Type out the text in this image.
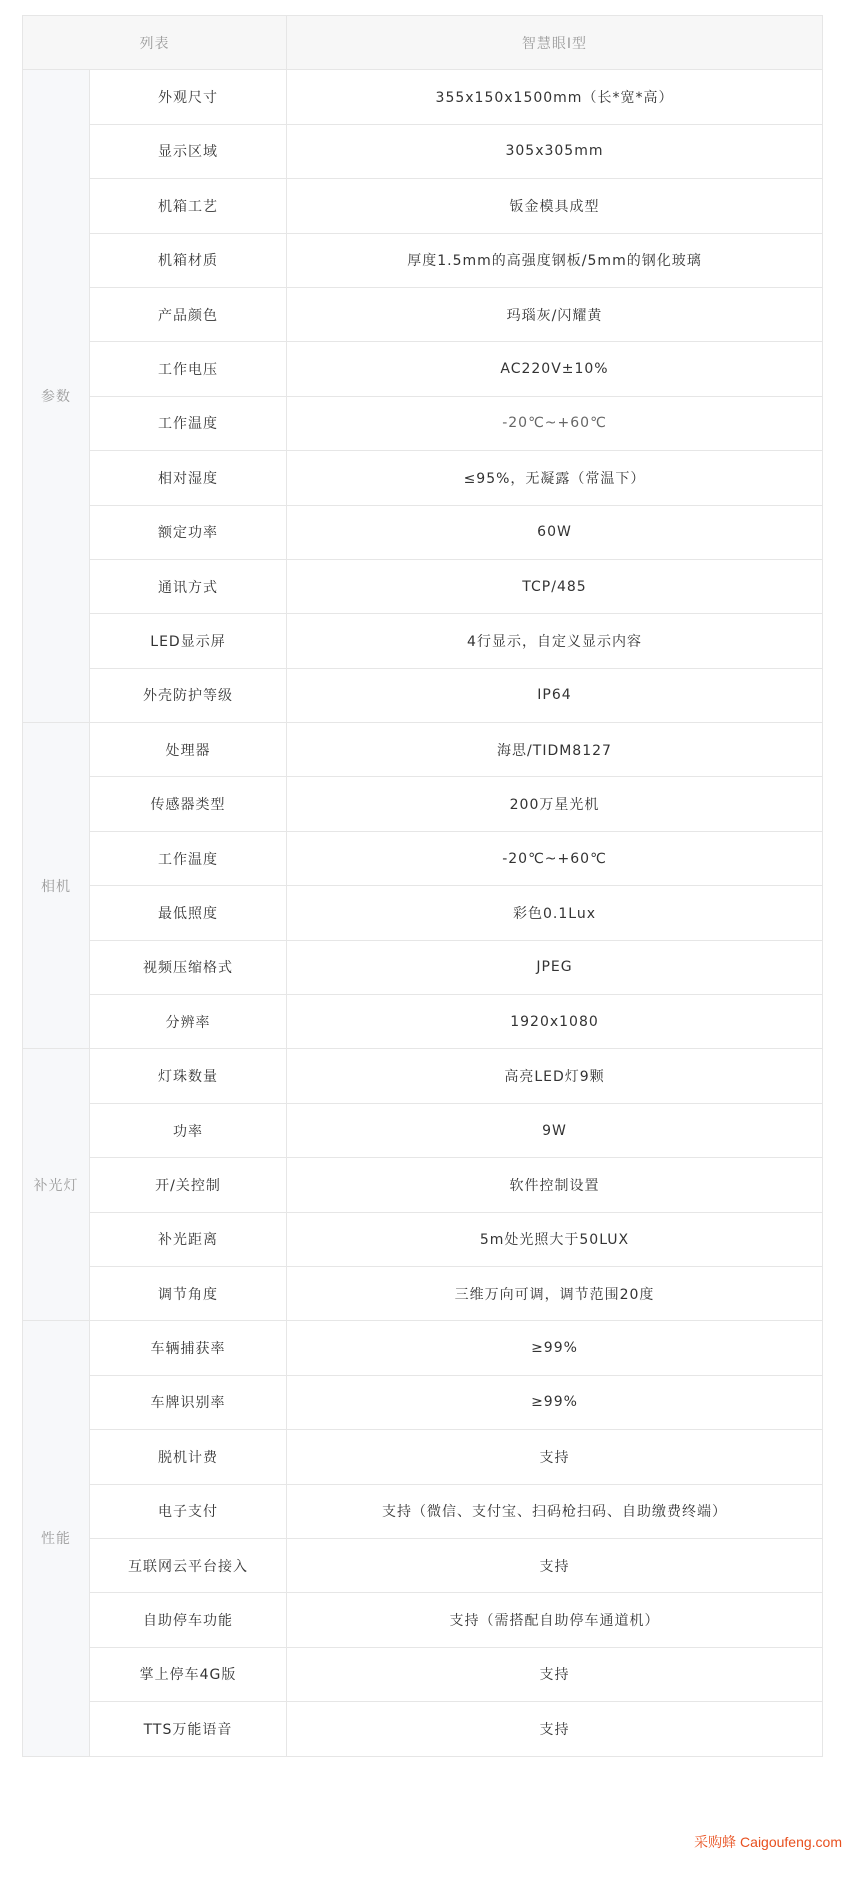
列表		智慧眼I型
参数	外观尺寸	355x150x1500mm（长*宽*高）
	显示区域	305x305mm
	机箱工艺	钣金模具成型
	机箱材质	厚度1.5mm的高强度钢板/5mm的钢化玻璃
	产品颜色	玛瑙灰/闪耀黄
	工作电压	AC220V±10%
	工作温度	-20℃~+60℃
	相对湿度	≤95%，无凝露（常温下）
	额定功率	60W
	通讯方式	TCP/485
	LED显示屏	4行显示，自定义显示内容
	外壳防护等级	IP64
相机	处理器	海思/TIDM8127
	传感器类型	200万星光机
	工作温度	-20℃~+60℃
	最低照度	彩色0.1Lux
	视频压缩格式	JPEG
	分辨率	1920x1080
补光灯	灯珠数量	高亮LED灯9颗
	功率	9W
	开/关控制	软件控制设置
	补光距离	5m处光照大于50LUX
	调节角度	三维万向可调，调节范围20度
性能	车辆捕获率	≥99%
	车牌识别率	≥99%
	脱机计费	支持
	电子支付	支持（微信、支付宝、扫码枪扫码、自助缴费终端）
	互联网云平台接入	支持
	自助停车功能	支持（需搭配自助停车通道机）
	掌上停车4G版	支持
	TTS万能语音	支持
采购蜂 Caigoufeng.com
